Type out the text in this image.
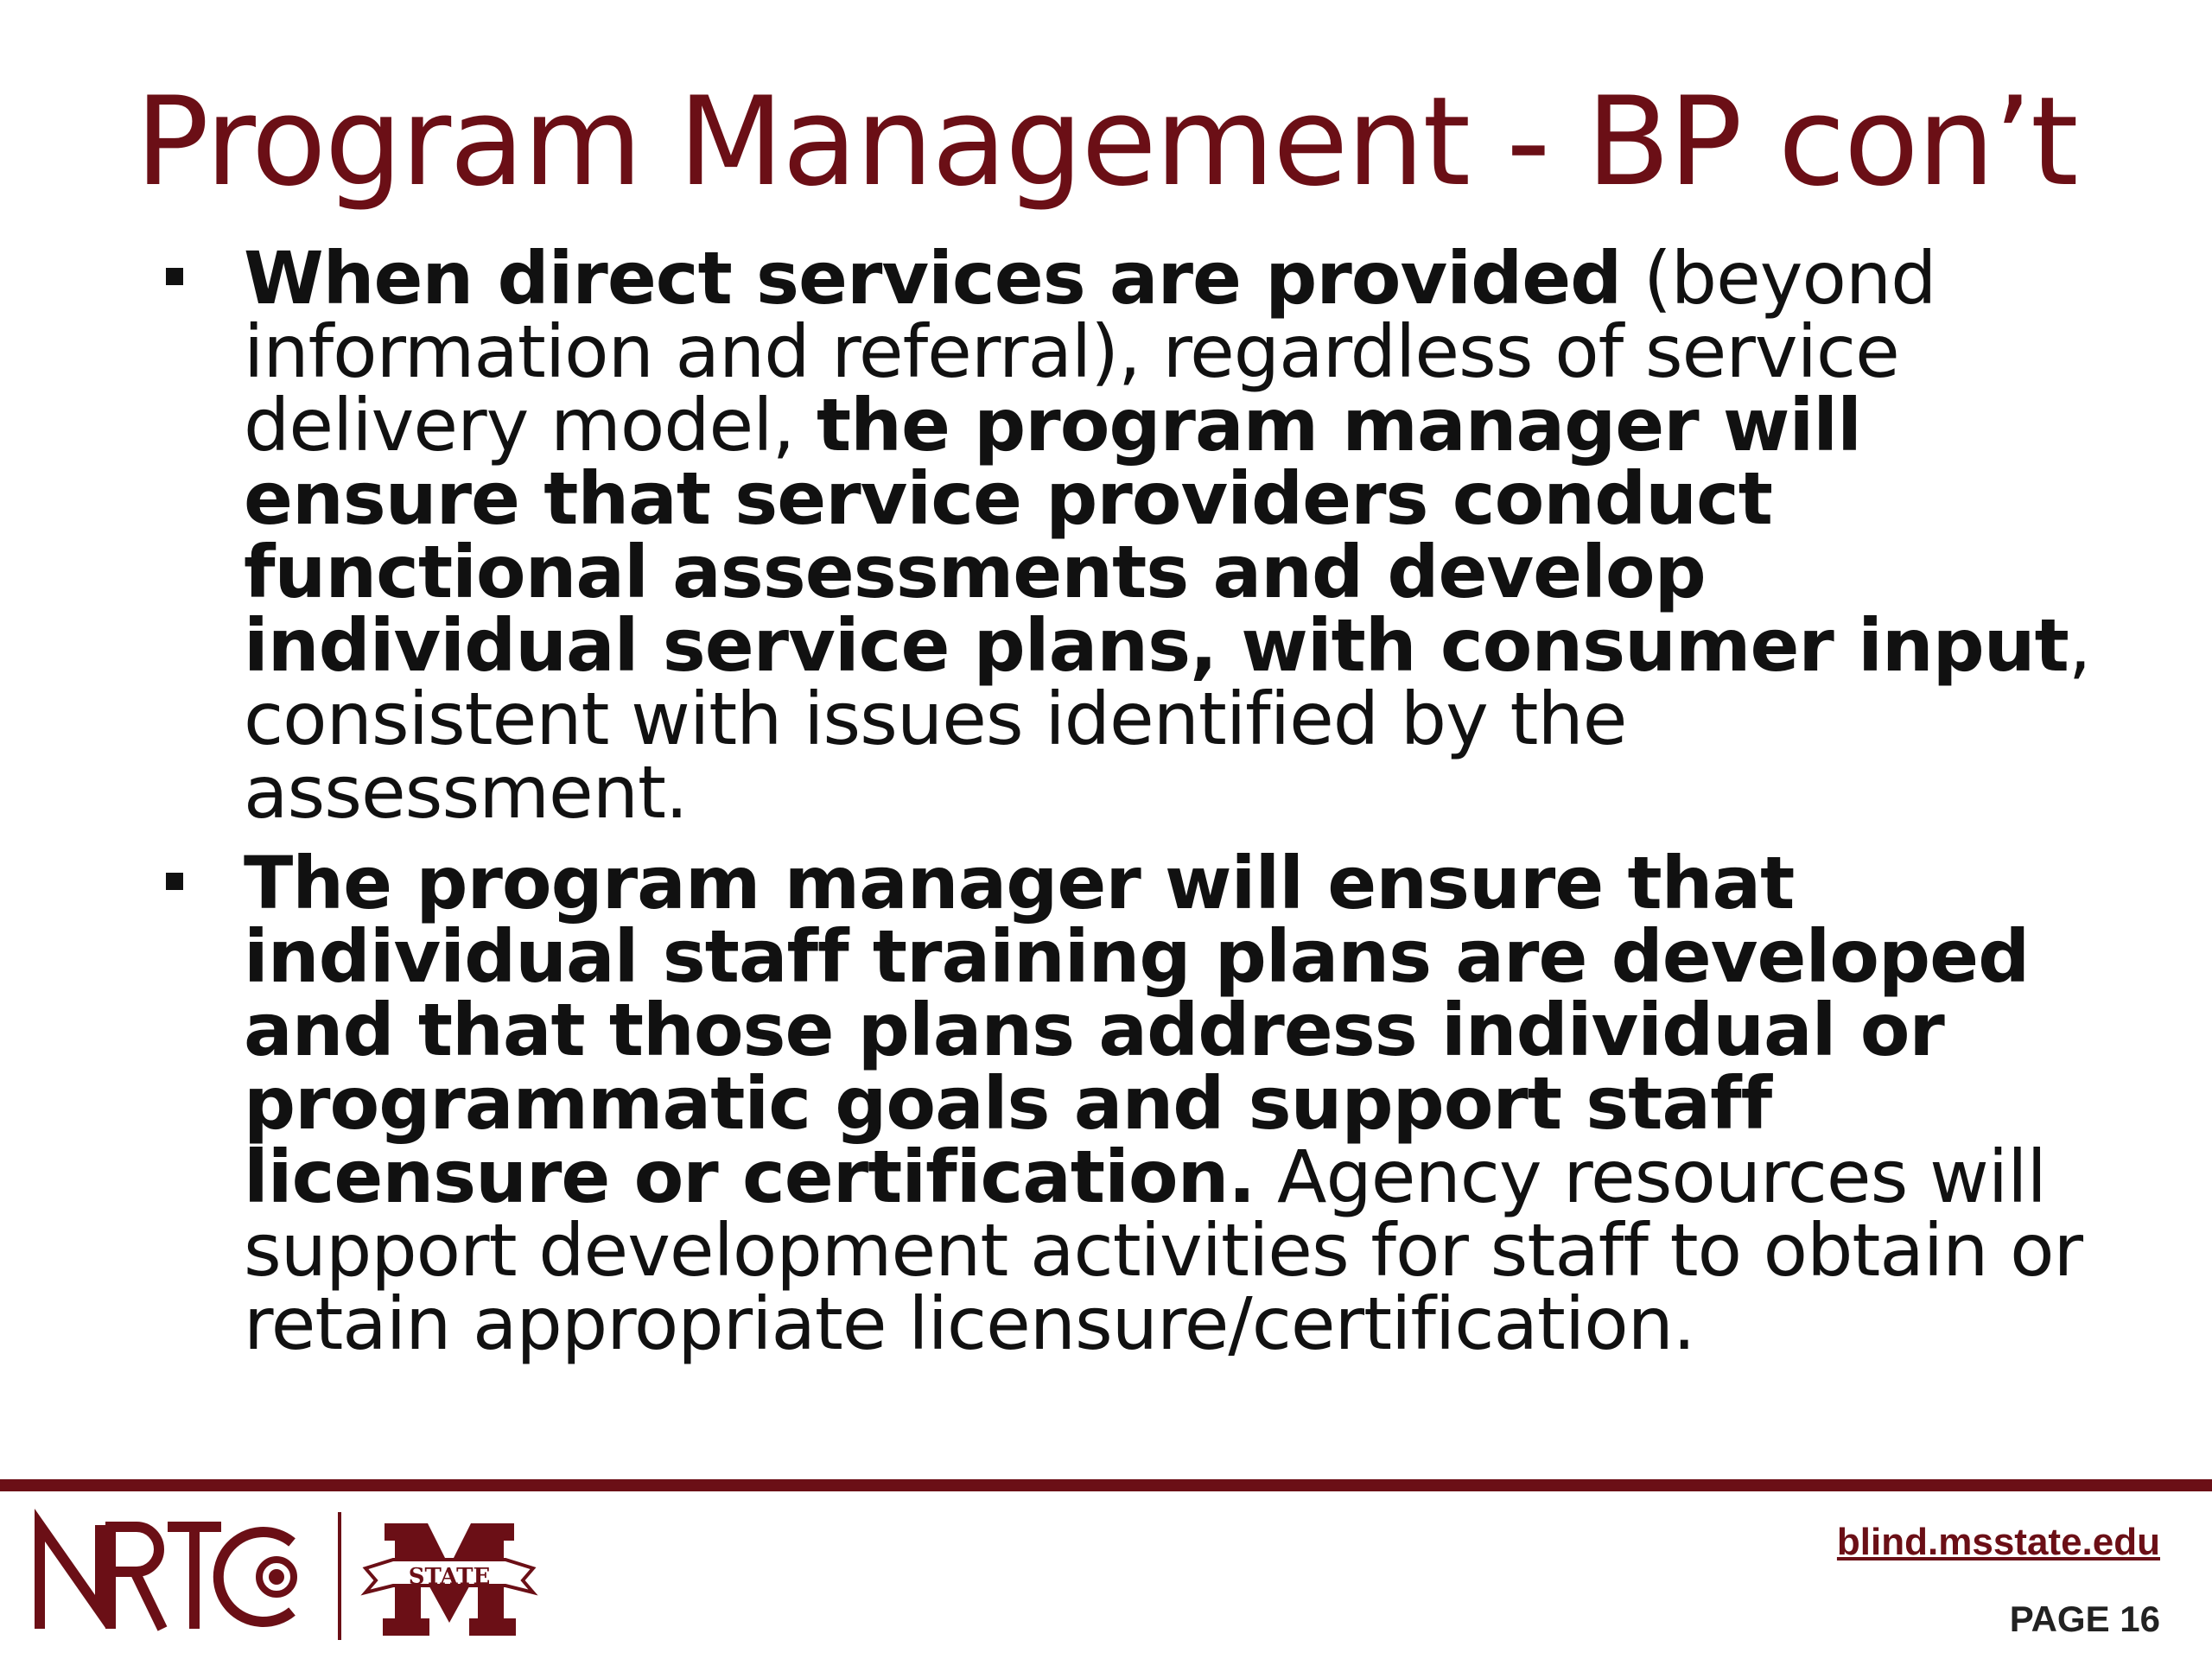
Program Management - BP con’t
When direct services are provided (beyond information and referral), regardless of service delivery model, the program manager will ensure that service providers conduct functional assessments and develop individual service plans, with consumer input, consistent with issues identified by the assessment.
The program manager will ensure that individual staff training plans are developed and that those plans address individual or programmatic goals and support staff licensure or certification. Agency resources will support development activities for staff to obtain or retain appropriate licensure/certification.
STATE
blind.msstate.edu
PAGE 16
